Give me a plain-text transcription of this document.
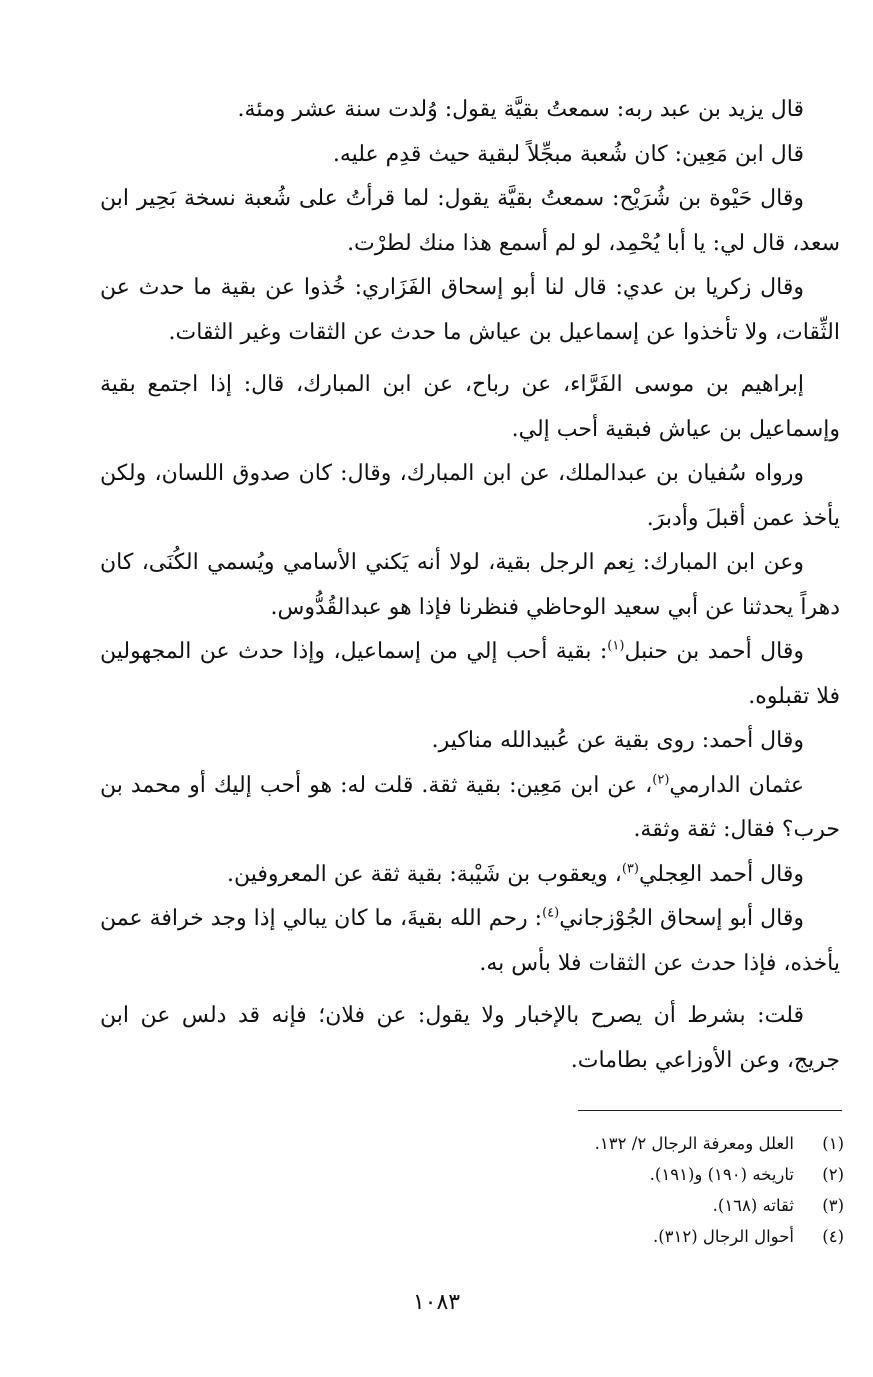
قال يزيد بن عبد ربه: سمعتُ بقيَّة يقول: وُلدت سنة عشر ومئة.

قال ابن مَعِين: كان شُعبة مبجِّلاً لبقية حيث قدِم عليه.

وقال حَيْوة بن شُرَيْح: سمعتُ بقيَّة يقول: لما قرأتُ على شُعبة نسخة بَحِير ابن سعد، قال لي: يا أبا يُحْمِد، لو لم أسمع هذا منك لطرْت.

وقال زكريا بن عدي: قال لنا أبو إسحاق الفَزَاري: خُذوا عن بقية ما حدث عن الثِّقات، ولا تأخذوا عن إسماعيل بن عياش ما حدث عن الثقات وغير الثقات.

إبراهيم بن موسى الفَرَّاء، عن رباح، عن ابن المبارك، قال: إذا اجتمع بقية وإسماعيل بن عياش فبقية أحب إلي.

ورواه سُفيان بن عبدالملك، عن ابن المبارك، وقال: كان صدوق اللسان، ولكن يأخذ عمن أقبلَ وأدبرَ.

وعن ابن المبارك: نِعم الرجل بقية، لولا أنه يَكني الأسامي ويُسمي الكُنَى، كان دهراً يحدثنا عن أبي سعيد الوحاظي فنظرنا فإذا هو عبدالقُدُّوس.

وقال أحمد بن حنبل$^{(١)}$: بقية أحب إلي من إسماعيل، وإذا حدث عن المجهولين فلا تقبلوه.

وقال أحمد: روى بقية عن عُبيدالله مناكير.

عثمان الدارمي$^{(٢)}$، عن ابن مَعِين: بقية ثقة. قلت له: هو أحب إليك أو محمد بن حرب؟ فقال: ثقة وثقة.

وقال أحمد العِجلي$^{(٣)}$، ويعقوب بن شَيْبة: بقية ثقة عن المعروفين.

وقال أبو إسحاق الجُوْزجاني$^{(٤)}$: رحم الله بقيةَ، ما كان يبالي إذا وجد خرافة عمن يأخذه، فإذا حدث عن الثقات فلا بأس به.

قلت: بشرط أن يصرح بالإخبار ولا يقول: عن فلان؛ فإنه قد دلس عن ابن جريج، وعن الأوزاعي بطامات.

(١)
العلل ومعرفة الرجال ٢/ ١٣٢.
(٢)
تاريخه (١٩٠) و(١٩١).
(٣)
ثقاته (١٦٨).
(٤)
أحوال الرجال (٣١٢).
١٠٨٣
